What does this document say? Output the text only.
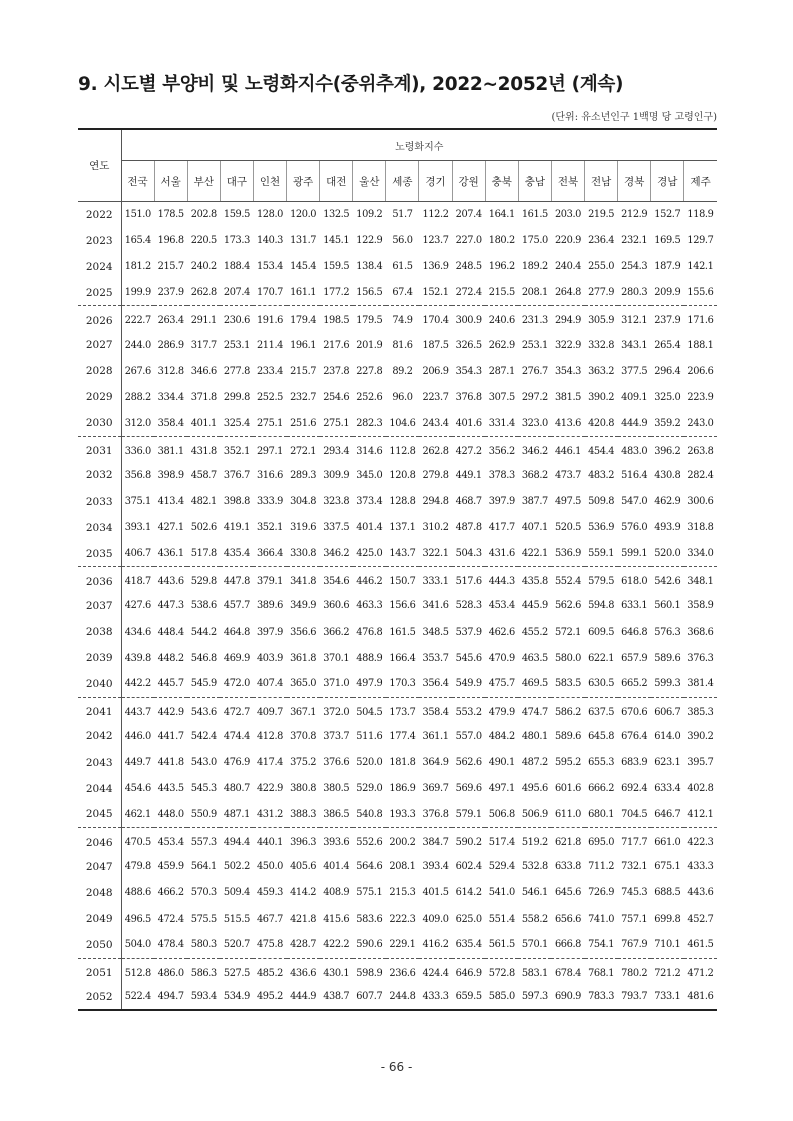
9. 시도별 부양비 및 노령화지수(중위추계), 2022~2052년 (계속)
(단위: 유소년인구 1백명 당 고령인구)
연도	노령화지수																	
	전국	서울	부산	대구	인천	광주	대전	울산	세종	경기	강원	충북	충남	전북	전남	경북	경남	제주
2022	151.0	178.5	202.8	159.5	128.0	120.0	132.5	109.2	51.7	112.2	207.4	164.1	161.5	203.0	219.5	212.9	152.7	118.9
2023	165.4	196.8	220.5	173.3	140.3	131.7	145.1	122.9	56.0	123.7	227.0	180.2	175.0	220.9	236.4	232.1	169.5	129.7
2024	181.2	215.7	240.2	188.4	153.4	145.4	159.5	138.4	61.5	136.9	248.5	196.2	189.2	240.4	255.0	254.3	187.9	142.1
2025	199.9	237.9	262.8	207.4	170.7	161.1	177.2	156.5	67.4	152.1	272.4	215.5	208.1	264.8	277.9	280.3	209.9	155.6
2026	222.7	263.4	291.1	230.6	191.6	179.4	198.5	179.5	74.9	170.4	300.9	240.6	231.3	294.9	305.9	312.1	237.9	171.6
2027	244.0	286.9	317.7	253.1	211.4	196.1	217.6	201.9	81.6	187.5	326.5	262.9	253.1	322.9	332.8	343.1	265.4	188.1
2028	267.6	312.8	346.6	277.8	233.4	215.7	237.8	227.8	89.2	206.9	354.3	287.1	276.7	354.3	363.2	377.5	296.4	206.6
2029	288.2	334.4	371.8	299.8	252.5	232.7	254.6	252.6	96.0	223.7	376.8	307.5	297.2	381.5	390.2	409.1	325.0	223.9
2030	312.0	358.4	401.1	325.4	275.1	251.6	275.1	282.3	104.6	243.4	401.6	331.4	323.0	413.6	420.8	444.9	359.2	243.0
2031	336.0	381.1	431.8	352.1	297.1	272.1	293.4	314.6	112.8	262.8	427.2	356.2	346.2	446.1	454.4	483.0	396.2	263.8
2032	356.8	398.9	458.7	376.7	316.6	289.3	309.9	345.0	120.8	279.8	449.1	378.3	368.2	473.7	483.2	516.4	430.8	282.4
2033	375.1	413.4	482.1	398.8	333.9	304.8	323.8	373.4	128.8	294.8	468.7	397.9	387.7	497.5	509.8	547.0	462.9	300.6
2034	393.1	427.1	502.6	419.1	352.1	319.6	337.5	401.4	137.1	310.2	487.8	417.7	407.1	520.5	536.9	576.0	493.9	318.8
2035	406.7	436.1	517.8	435.4	366.4	330.8	346.2	425.0	143.7	322.1	504.3	431.6	422.1	536.9	559.1	599.1	520.0	334.0
2036	418.7	443.6	529.8	447.8	379.1	341.8	354.6	446.2	150.7	333.1	517.6	444.3	435.8	552.4	579.5	618.0	542.6	348.1
2037	427.6	447.3	538.6	457.7	389.6	349.9	360.6	463.3	156.6	341.6	528.3	453.4	445.9	562.6	594.8	633.1	560.1	358.9
2038	434.6	448.4	544.2	464.8	397.9	356.6	366.2	476.8	161.5	348.5	537.9	462.6	455.2	572.1	609.5	646.8	576.3	368.6
2039	439.8	448.2	546.8	469.9	403.9	361.8	370.1	488.9	166.4	353.7	545.6	470.9	463.5	580.0	622.1	657.9	589.6	376.3
2040	442.2	445.7	545.9	472.0	407.4	365.0	371.0	497.9	170.3	356.4	549.9	475.7	469.5	583.5	630.5	665.2	599.3	381.4
2041	443.7	442.9	543.6	472.7	409.7	367.1	372.0	504.5	173.7	358.4	553.2	479.9	474.7	586.2	637.5	670.6	606.7	385.3
2042	446.0	441.7	542.4	474.4	412.8	370.8	373.7	511.6	177.4	361.1	557.0	484.2	480.1	589.6	645.8	676.4	614.0	390.2
2043	449.7	441.8	543.0	476.9	417.4	375.2	376.6	520.0	181.8	364.9	562.6	490.1	487.2	595.2	655.3	683.9	623.1	395.7
2044	454.6	443.5	545.3	480.7	422.9	380.8	380.5	529.0	186.9	369.7	569.6	497.1	495.6	601.6	666.2	692.4	633.4	402.8
2045	462.1	448.0	550.9	487.1	431.2	388.3	386.5	540.8	193.3	376.8	579.1	506.8	506.9	611.0	680.1	704.5	646.7	412.1
2046	470.5	453.4	557.3	494.4	440.1	396.3	393.6	552.6	200.2	384.7	590.2	517.4	519.2	621.8	695.0	717.7	661.0	422.3
2047	479.8	459.9	564.1	502.2	450.0	405.6	401.4	564.6	208.1	393.4	602.4	529.4	532.8	633.8	711.2	732.1	675.1	433.3
2048	488.6	466.2	570.3	509.4	459.3	414.2	408.9	575.1	215.3	401.5	614.2	541.0	546.1	645.6	726.9	745.3	688.5	443.6
2049	496.5	472.4	575.5	515.5	467.7	421.8	415.6	583.6	222.3	409.0	625.0	551.4	558.2	656.6	741.0	757.1	699.8	452.7
2050	504.0	478.4	580.3	520.7	475.8	428.7	422.2	590.6	229.1	416.2	635.4	561.5	570.1	666.8	754.1	767.9	710.1	461.5
2051	512.8	486.0	586.3	527.5	485.2	436.6	430.1	598.9	236.6	424.4	646.9	572.8	583.1	678.4	768.1	780.2	721.2	471.2
2052	522.4	494.7	593.4	534.9	495.2	444.9	438.7	607.7	244.8	433.3	659.5	585.0	597.3	690.9	783.3	793.7	733.1	481.6
- 66 -
